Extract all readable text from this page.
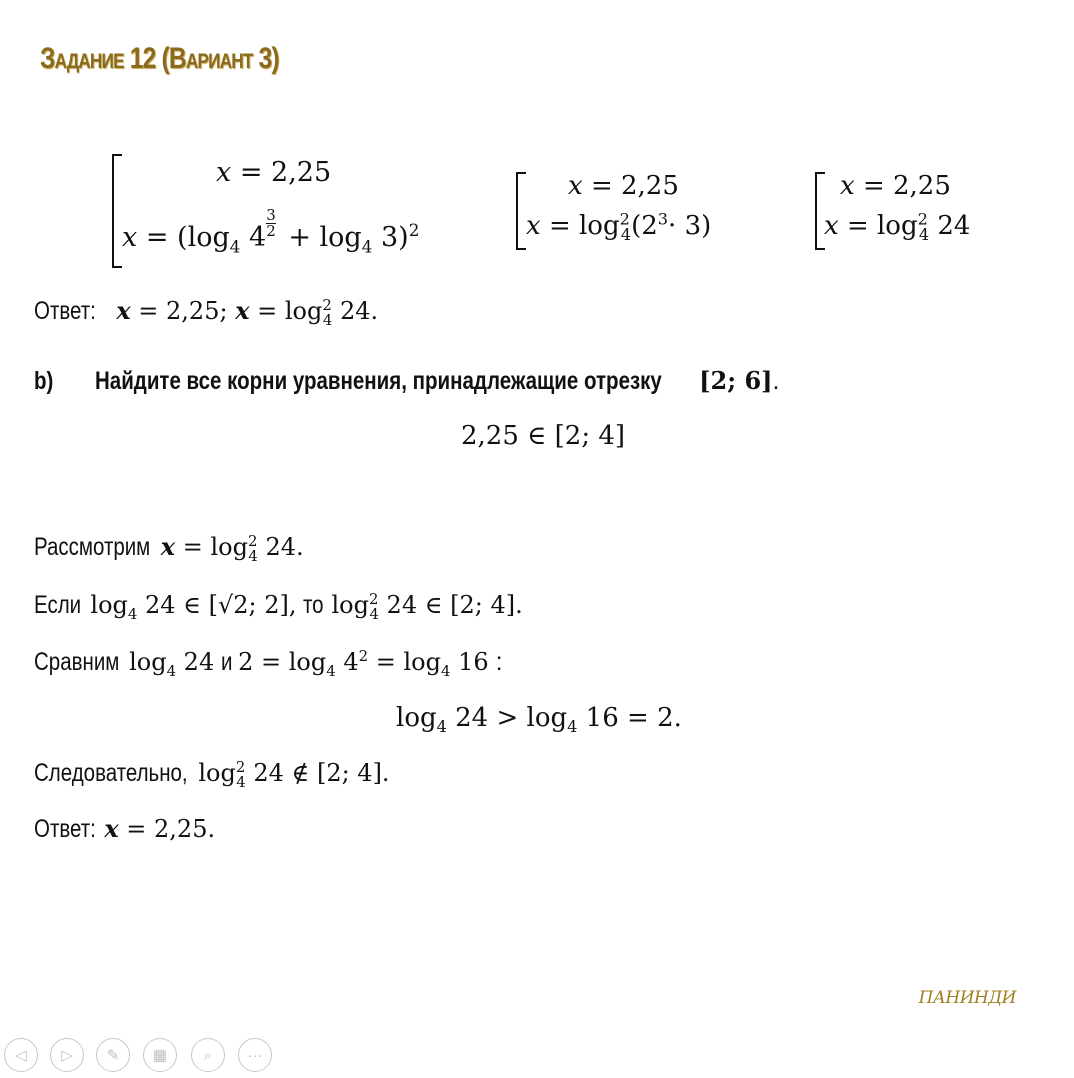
Задание 12 (Вариант 3)
x = 2,25
$x = (\log_4$ $4 \frac{3}{2} + \log_4 3)^2$
x = 2,25
$x = \log^2_4(2^3\cdot 3)$
x = 2,25
$x = \log^2_4 24$
Ответ: x = 2,25; $x = \log^2_4 24$.
b) Найдите все корни уравнения, принадлежащие отрезку [2; 6].
2,25 ∈ [2; 4]
Рассмотрим $x = \log^2_4 24$.
Если $\log_4 24$ ∈ [√2; 2], то $\log^2_4 24$ ∈ [2; 4].
Сравним $\log_4 24$ и $2 = \log_4 4^2 = \log_4 16$ :
$\log_4 24 > \log_4 16 = 2$.
Следовательно, $\log^2_4 24$ ∉ [2; 4].
Ответ: x = 2,25.
ПАНИНДИ
◁	▷	✎	▦	⌕	···
